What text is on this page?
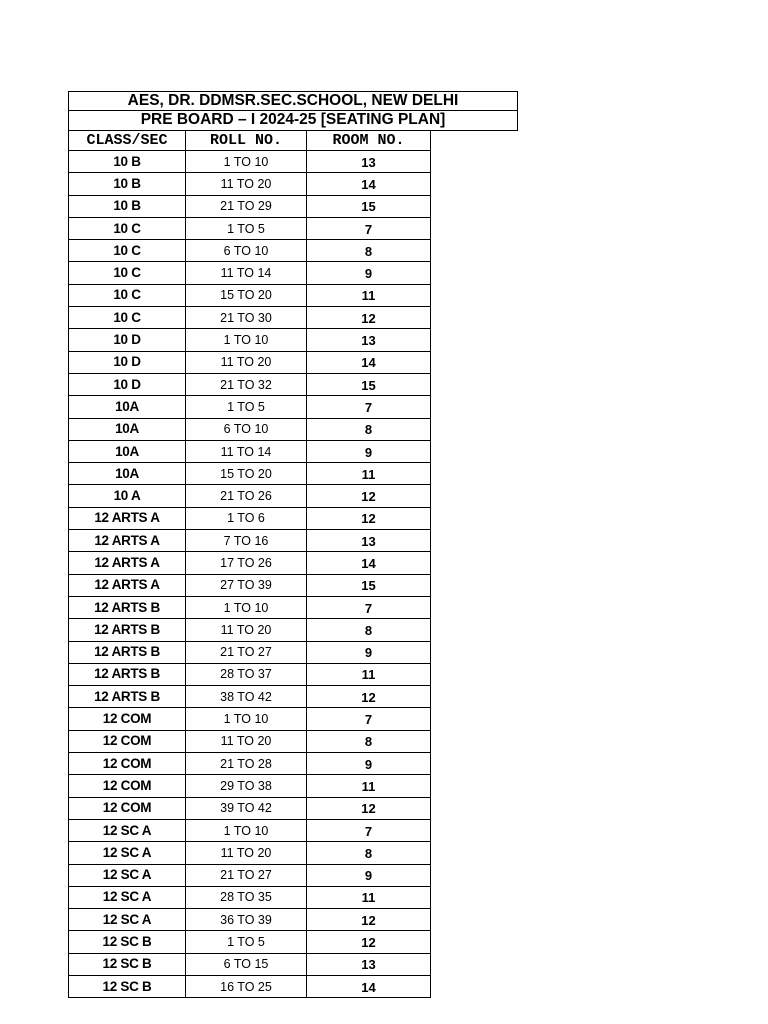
AES, DR. DDMSR.SEC.SCHOOL, NEW DELHI
PRE BOARD – I 2024-25 [SEATING PLAN]
CLASS/SEC	ROLL NO.	ROOM NO.
10 B	1 TO 10	13
10 B	11 TO 20	14
10 B	21 TO 29	15
10 C	1 TO 5	7
10 C	6 TO 10	8
10 C	11 TO 14	9
10 C	15 TO 20	11
10 C	21 TO 30	12
10 D	1 TO 10	13
10 D	11 TO 20	14
10 D	21 TO 32	15
10A	1 TO 5	7
10A	6 TO 10	8
10A	11 TO 14	9
10A	15 TO 20	11
10 A	21 TO 26	12
12 ARTS A	1 TO 6	12
12 ARTS A	7 TO 16	13
12 ARTS A	17 TO 26	14
12 ARTS A	27 TO 39	15
12 ARTS B	1 TO 10	7
12 ARTS B	11 TO 20	8
12 ARTS B	21 TO 27	9
12 ARTS B	28 TO 37	11
12 ARTS B	38 TO 42	12
12 COM	1 TO 10	7
12 COM	11 TO 20	8
12 COM	21 TO 28	9
12 COM	29 TO 38	11
12 COM	39 TO 42	12
12 SC A	1 TO 10	7
12 SC A	11 TO 20	8
12 SC A	21 TO 27	9
12 SC A	28 TO 35	11
12 SC A	36 TO 39	12
12 SC B	1 TO 5	12
12 SC B	6 TO 15	13
12 SC B	16 TO 25	14
